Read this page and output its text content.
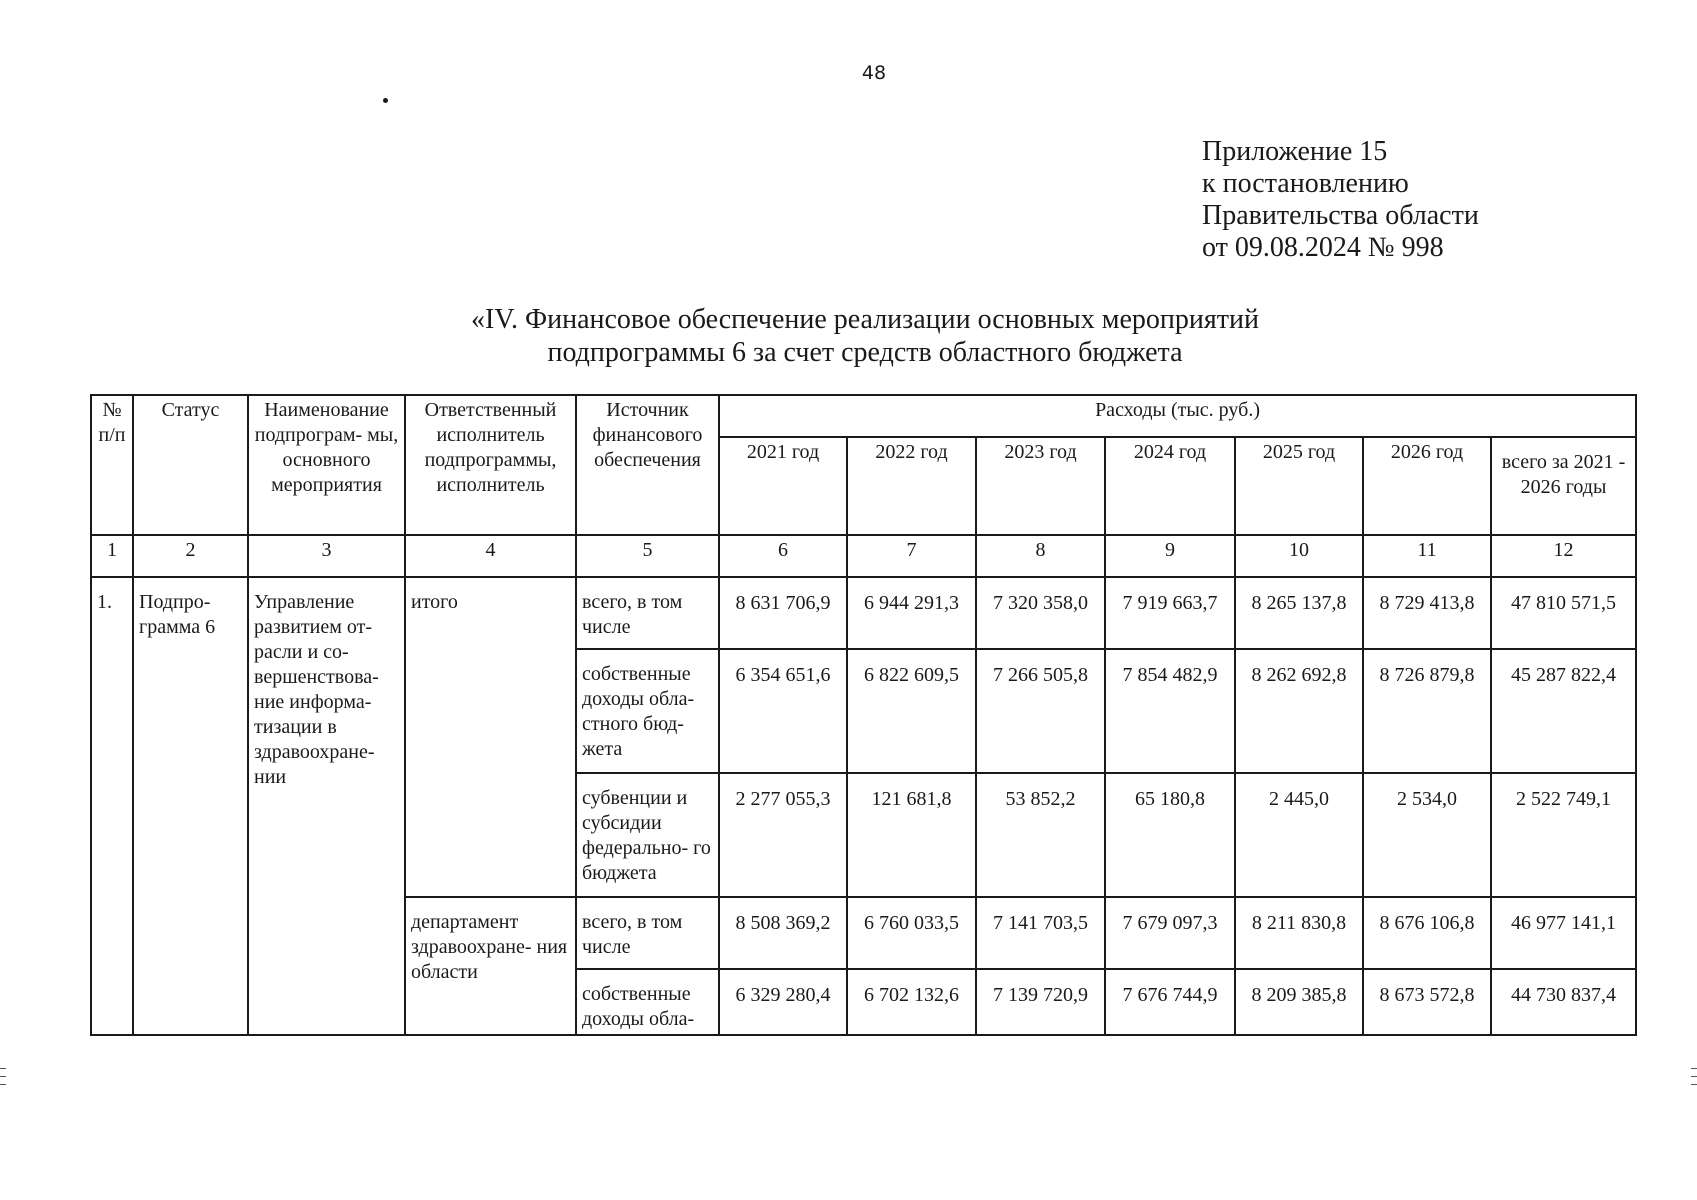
48
Приложение 15
к постановлению
Правительства области
от 09.08.2024 № 998
«IV. Финансовое обеспечение реализации основных мероприятий
подпрограммы 6 за счет средств областного бюджета
№ п/п	Статус	Наименование подпрограм- мы, основного мероприятия	Ответственный исполнитель подпрограммы, исполнитель	Источник финансового обеспечения	Расходы (тыс. руб.)						
					2021 год	2022 год	2023 год	2024 год	2025 год	2026 год	всего за 2021 - 2026 годы
1	2	3	4	5	6	7	8	9	10	11	12
1.	Подпро- грамма 6	Управление развитием от- расли и со- вершенствова- ние информа- тизации в здравоохране- нии	итого	всего, в том числе	8 631 706,9	6 944 291,3	7 320 358,0	7 919 663,7	8 265 137,8	8 729 413,8	47 810 571,5
				собственные доходы обла- стного бюд- жета	6 354 651,6	6 822 609,5	7 266 505,8	7 854 482,9	8 262 692,8	8 726 879,8	45 287 822,4
				субвенции и субсидии федерально- го бюджета	2 277 055,3	121 681,8	53 852,2	65 180,8	2 445,0	2 534,0	2 522 749,1
			департамент здравоохране- ния области	всего, в том числе	8 508 369,2	6 760 033,5	7 141 703,5	7 679 097,3	8 211 830,8	8 676 106,8	46 977 141,1
				собственные доходы обла-	6 329 280,4	6 702 132,6	7 139 720,9	7 676 744,9	8 209 385,8	8 673 572,8	44 730 837,4
